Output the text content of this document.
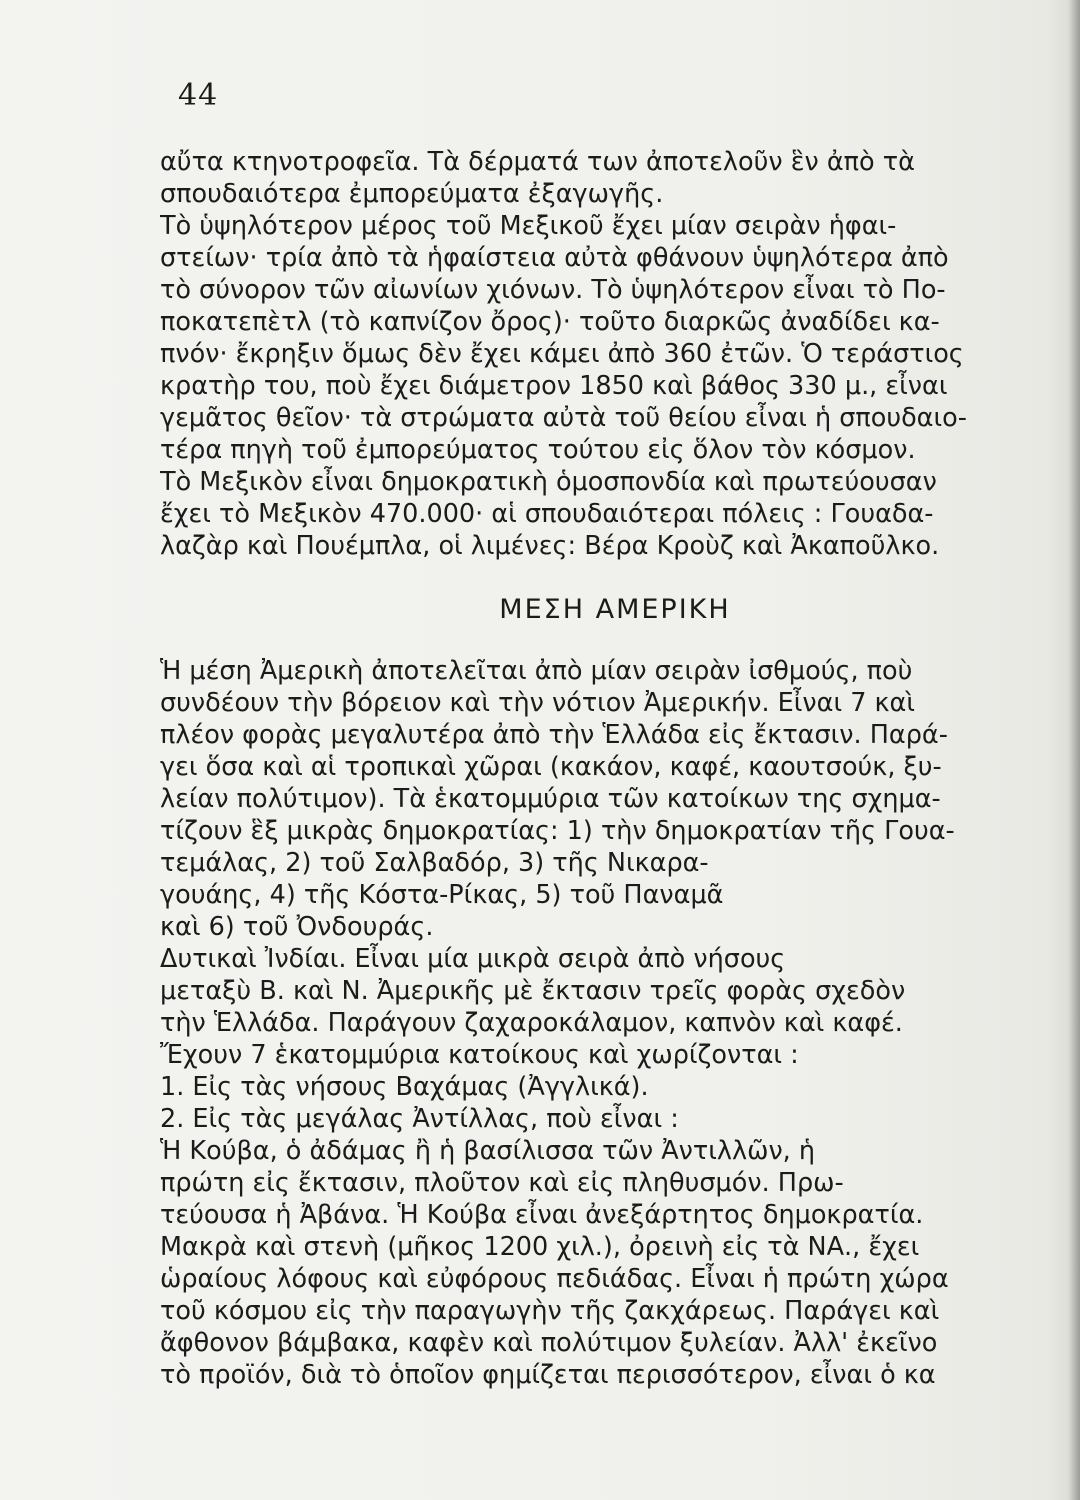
44
αὔτα κτηνοτροφεῖα. Τὰ δέρματά των ἀποτελοῦν ἓν ἀπὸ τὰ
σπουδαιότερα ἐμπορεύματα ἐξαγωγῆς.
Τὸ ὑψηλότερον μέρος τοῦ Μεξικοῦ ἔχει μίαν σειρὰν ἡφαι-
στείων· τρία ἀπὸ τὰ ἡφαίστεια αὐτὰ φθάνουν ὑψηλότερα ἀπὸ
τὸ σύνορον τῶν αἰωνίων χιόνων. Τὸ ὑψηλότερον εἶναι τὸ Πο-
ποκατεπὲτλ (τὸ καπνίζον ὄρος)· τοῦτο διαρκῶς ἀναδίδει κα-
πνόν· ἔκρηξιν ὅμως δὲν ἔχει κάμει ἀπὸ 360 ἐτῶν. Ὁ τεράστιος
κρατὴρ του, ποὺ ἔχει διάμετρον 1850 καὶ βάθος 330 μ., εἶναι
γεμᾶτος θεῖον· τὰ στρώματα αὐτὰ τοῦ θείου εἶναι ἡ σπουδαιο-
τέρα πηγὴ τοῦ ἐμπορεύματος τούτου εἰς ὅλον τὸν κόσμον.
Τὸ Μεξικὸν εἶναι δημοκρατικὴ ὁμοσπονδία καὶ πρωτεύουσαν
ἔχει τὸ Μεξικὸν 470.000· αἱ σπουδαιότεραι πόλεις : Γουαδα-
λαζὰρ καὶ Πουέμπλα, οἱ λιμένες: Βέρα Κροὺζ καὶ Ἀκαποῦλκο.
ΜΕΣΗ ΑΜΕΡΙΚΗ
Ἡ μέση Ἀμερικὴ ἀποτελεῖται ἀπὸ μίαν σειρὰν ἰσθμούς, ποὺ
συνδέουν τὴν βόρειον καὶ τὴν νότιον Ἀμερικήν. Εἶναι 7 καὶ
πλέον φορὰς μεγαλυτέρα ἀπὸ τὴν Ἑλλάδα εἰς ἔκτασιν. Παρά-
γει ὅσα καὶ αἱ τροπικαὶ χῶραι (κακάον, καφέ, καουτσούκ, ξυ-
λείαν πολύτιμον). Τὰ ἑκατομμύρια τῶν κατοίκων της σχημα-
τίζουν ἓξ μικρὰς δημοκρατίας: 1) τὴν δημοκρατίαν τῆς Γουα-
τεμάλας, 2) τοῦ Σαλβαδόρ, 3) τῆς Νικαρα-
γουάης, 4) τῆς Κόστα-Ρίκας, 5) τοῦ Παναμᾶ
καὶ 6) τοῦ Ὀνδουράς.
Δυτικαὶ Ἰνδίαι. Εἶναι μία μικρὰ σειρὰ ἀπὸ νήσους
μεταξὺ Β. καὶ Ν. Ἀμερικῆς μὲ ἔκτασιν τρεῖς φορὰς σχεδὸν
τὴν Ἑλλάδα. Παράγουν ζαχαροκάλαμον, καπνὸν καὶ καφέ.
Ἔχουν 7 ἑκατομμύρια κατοίκους καὶ χωρίζονται :
1. Εἰς τὰς νήσους Βαχάμας (Ἀγγλικά).
2. Εἰς τὰς μεγάλας Ἀντίλλας, ποὺ εἶναι :
Ἡ Κούβα, ὁ ἀδάμας ἢ ἡ βασίλισσα τῶν Ἀντιλλῶν, ἡ
πρώτη εἰς ἔκτασιν, πλοῦτον καὶ εἰς πληθυσμόν. Πρω-
τεύουσα ἡ Ἀβάνα. Ἡ Κούβα εἶναι ἀνεξάρτητος δημοκρατία.
Μακρὰ καὶ στενὴ (μῆκος 1200 χιλ.), ὀρεινὴ εἰς τὰ ΝΑ., ἔχει
ὡραίους λόφους καὶ εὐφόρους πεδιάδας. Εἶναι ἡ πρώτη χώρα
τοῦ κόσμου εἰς τὴν παραγωγὴν τῆς ζακχάρεως. Παράγει καὶ
ἄφθονον βάμβακα, καφὲν καὶ πολύτιμον ξυλείαν. Ἀλλ' ἐκεῖνο
τὸ προϊόν, διὰ τὸ ὁποῖον φημίζεται περισσότερον, εἶναι ὁ κα
